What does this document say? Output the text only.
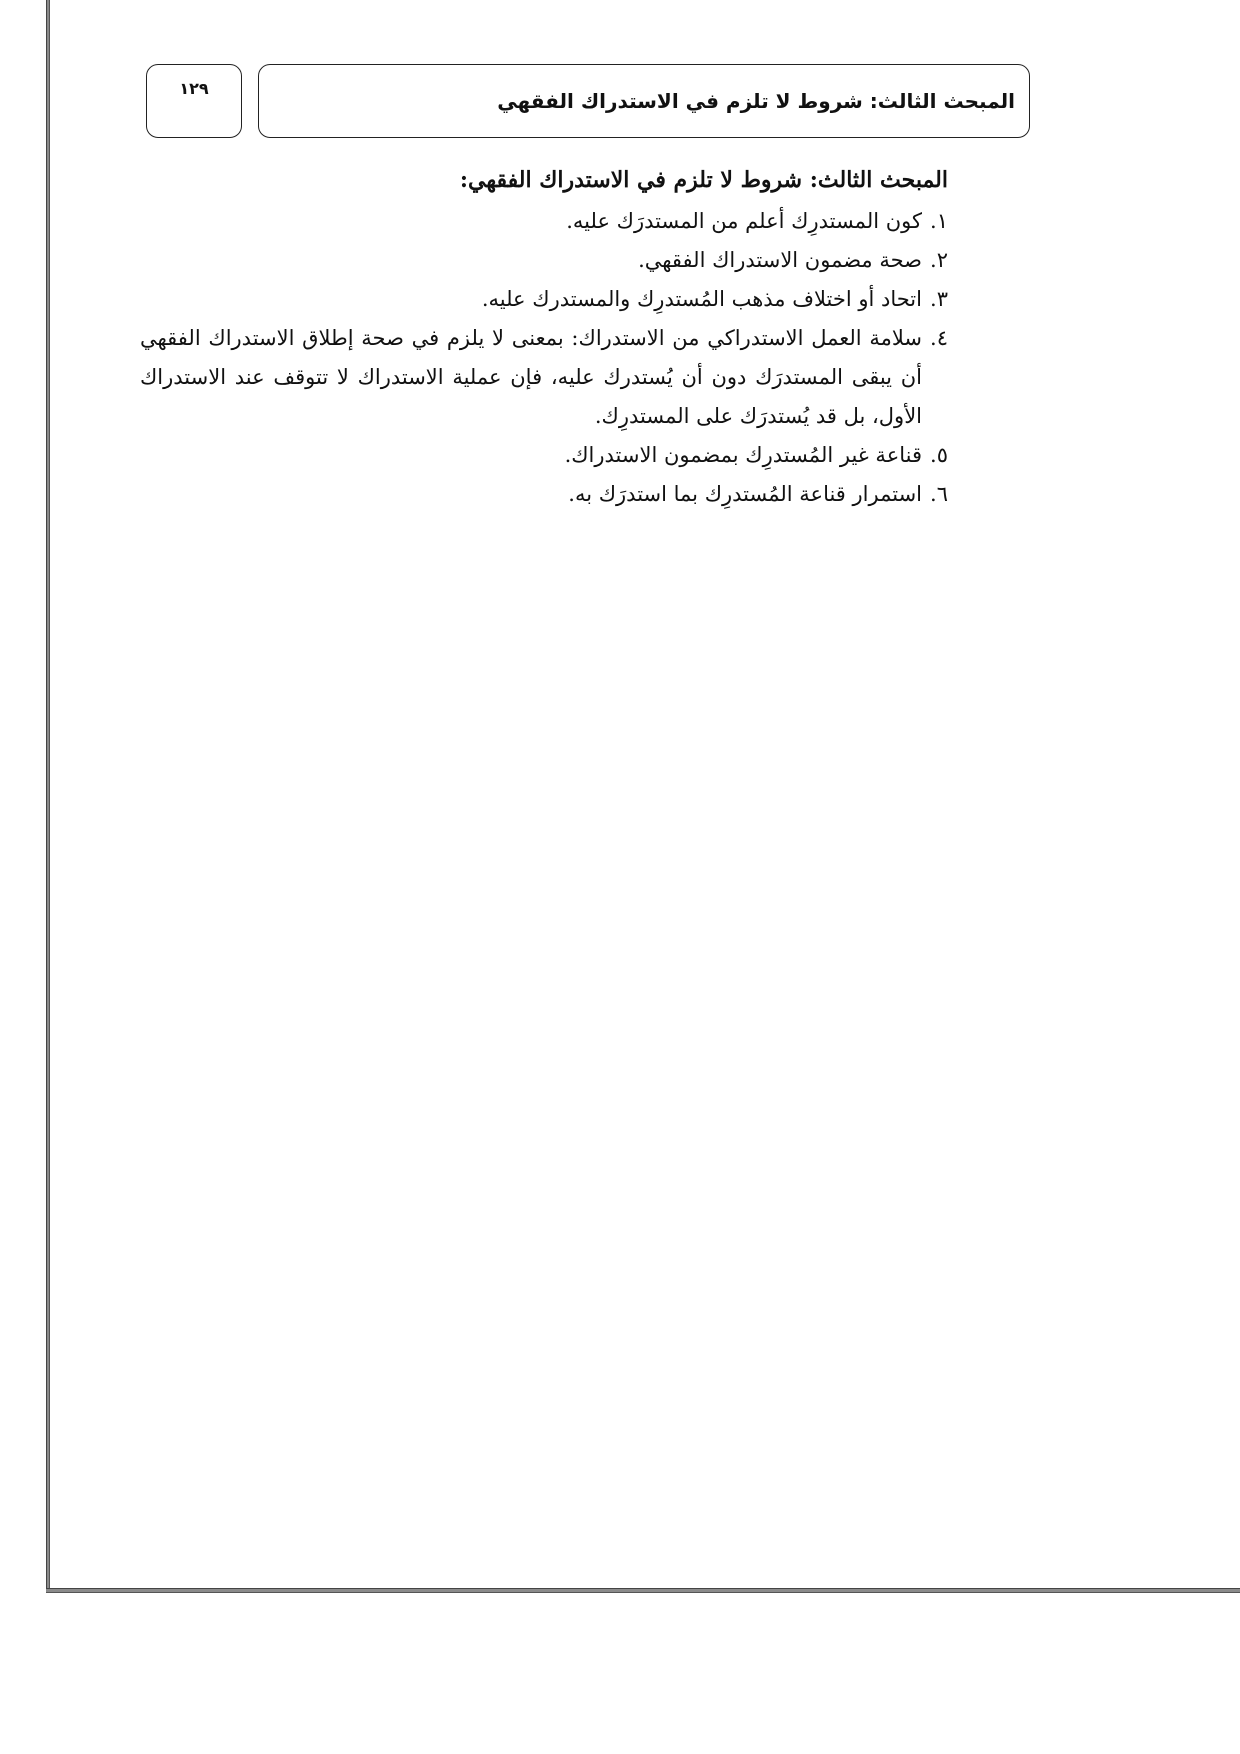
١٢٩
المبحث الثالث: شروط لا تلزم في الاستدراك الفقهي
المبحث الثالث: شروط لا تلزم في الاستدراك الفقهي:
١.
كون المستدرِك أعلم من المستدرَك عليه.
٢.
صحة مضمون الاستدراك الفقهي.
٣.
اتحاد أو اختلاف مذهب المُستدرِك والمستدرك عليه.
٤.
سلامة العمل الاستدراكي من الاستدراك: بمعنى لا يلزم في صحة إطلاق الاستدراك الفقهي أن يبقى المستدرَك دون أن يُستدرك عليه، فإن عملية الاستدراك لا تتوقف عند الاستدراك الأول، بل قد يُستدرَك على المستدرِك.
٥.
قناعة غير المُستدرِك بمضمون الاستدراك.
٦.
استمرار قناعة المُستدرِك بما استدرَك به.
